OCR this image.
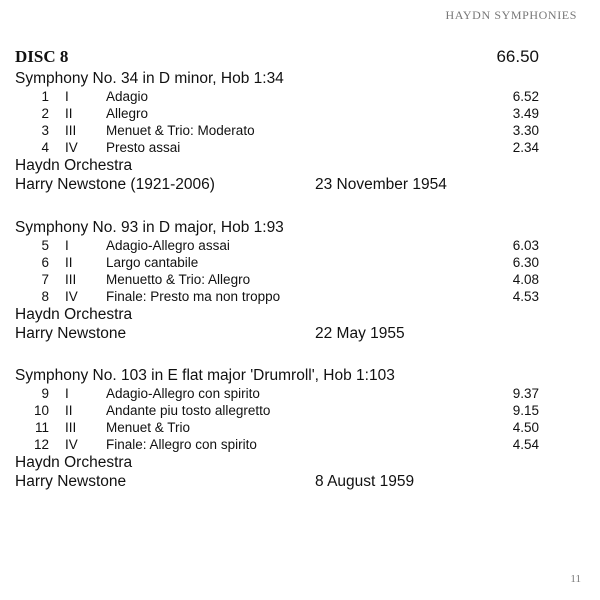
HAYDN SYMPHONIES
DISC 8	66.50
Symphony No. 34 in D minor, Hob 1:34
1 I	Adagio	6.52
2 II Allegro	3.49
3 III Menuet & Trio: Moderato	3.30
4 IV Presto assai	2.34
Haydn Orchestra
Harry Newstone (1921-2006)	23 November 1954
Symphony No. 93 in D major, Hob 1:93
5 I	Adagio-Allegro assai	6.03
6 II Largo cantabile	6.30
7 III Menuetto & Trio: Allegro	4.08
8 IV Finale: Presto ma non troppo	4.53
Haydn Orchestra
Harry Newstone	22 May 1955
Symphony No. 103 in E flat major 'Drumroll', Hob 1:103
9 I	Adagio-Allegro con spirito	9.37
10 II Andante piu tosto allegretto	9.15
11 III Menuet & Trio	4.50
12 IV Finale: Allegro con spirito	4.54
Haydn Orchestra
Harry Newstone	8 August 1959
11
